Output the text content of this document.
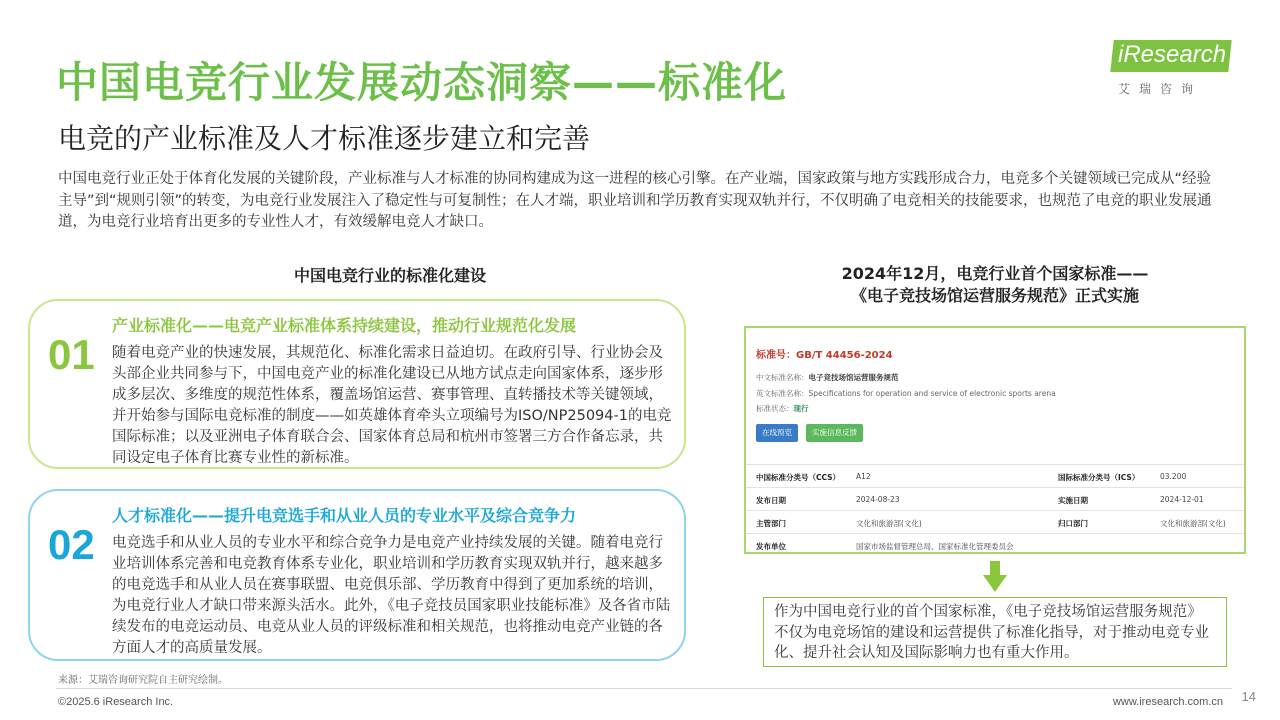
中国电竞行业发展动态洞察——标准化
电竞的产业标准及人才标准逐步建立和完善
iResearch
艾瑞咨询
中国电竞行业正处于体育化发展的关键阶段，产业标准与人才标准的协同构建成为这一进程的核心引擎。在产业端，国家政策与地方实践形成合力，电竞多个关键领域已完成从“经验主导”到“规则引领”的转变，为电竞行业发展注入了稳定性与可复制性；在人才端，职业培训和学历教育实现双轨并行，不仅明确了电竞相关的技能要求，也规范了电竞的职业发展通道，为电竞行业培育出更多的专业性人才，有效缓解电竞人才缺口。
中国电竞行业的标准化建设
01
产业标准化——电竞产业标准体系持续建设，推动行业规范化发展
随着电竞产业的快速发展，其规范化、标准化需求日益迫切。在政府引导、行业协会及头部企业共同参与下，中国电竞产业的标准化建设已从地方试点走向国家体系，逐步形成多层次、多维度的规范性体系，覆盖场馆运营、赛事管理、直转播技术等关键领域，并开始参与国际电竞标准的制度——如英雄体育牵头立项编号为ISO/NP25094-1的电竞国际标准；以及亚洲电子体育联合会、国家体育总局和杭州市签署三方合作备忘录，共同设定电子体育比赛专业性的新标准。
02
人才标准化——提升电竞选手和从业人员的专业水平及综合竞争力
电竞选手和从业人员的专业水平和综合竞争力是电竞产业持续发展的关键。随着电竞行业培训体系完善和电竞教育体系专业化，职业培训和学历教育实现双轨并行，越来越多的电竞选手和从业人员在赛事联盟、电竞俱乐部、学历教育中得到了更加系统的培训，为电竞行业人才缺口带来源头活水。此外，《电子竞技员国家职业技能标准》及各省市陆续发布的电竞运动员、电竞从业人员的评级标准和相关规范，也将推动电竞产业链的各方面人才的高质量发展。
2024年12月，电竞行业首个国家标准——
《电子竞技场馆运营服务规范》正式实施
标准号：GB/T 44456-2024
中文标准名称：电子竞技场馆运营服务规范
英文标准名称：Specifications for operation and service of electronic sports arena
标准状态：现行
在线预览	实施信息反馈
中国标准分类号（CCS） A12	国际标准分类号（ICS）	03.200
发布日期	2024-08-23	实施日期	2024-12-01
主管部门	文化和旅游部(文化)	归口部门	文化和旅游部(文化)
发布单位	国家市场监督管理总局、国家标准化管理委员会
作为中国电竞行业的首个国家标准，《电子竞技场馆运营服务规范》不仅为电竞场馆的建设和运营提供了标准化指导，对于推动电竞专业化、提升社会认知及国际影响力也有重大作用。
来源：艾瑞咨询研究院自主研究绘制。
©2025.6 iResearch Inc.	www.iresearch.com.cn 14
